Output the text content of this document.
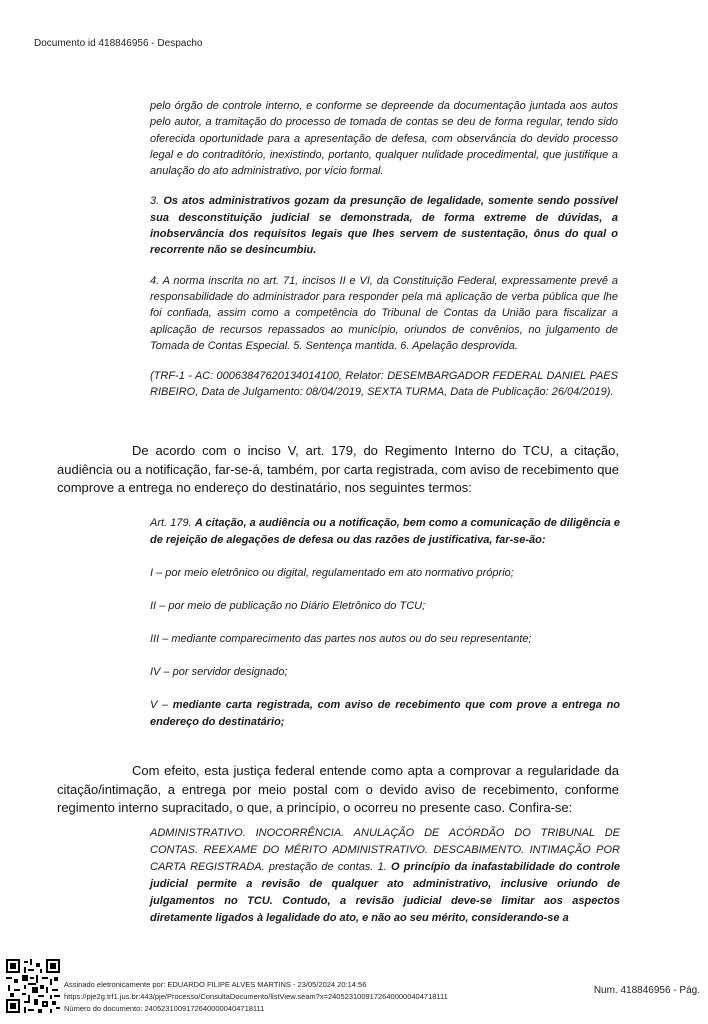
Documento id 418846956 - Despacho

pelo órgão de controle interno, e conforme se depreende da documentação juntada aos autos pelo autor, a tramitação do processo de tomada de contas se deu de forma regular, tendo sido oferecida oportunidade para a apresentação de defesa, com observância do devido processo legal e do contraditório, inexistindo, portanto, qualquer nulidade procedimental, que justifique a anulação do ato administrativo, por vício formal.

3. Os atos administrativos gozam da presunção de legalidade, somente sendo possível sua desconstituição judicial se demonstrada, de forma extreme de dúvidas, a inobservância dos requisitos legais que lhes servem de sustentação, ônus do qual o recorrente não se desincumbiu.

4. A norma inscrita no art. 71, incisos II e VI, da Constituição Federal, expressamente prevê a responsabilidade do administrador para responder pela má aplicação de verba pública que lhe foi confiada, assim como a competência do Tribunal de Contas da União para fiscalizar a aplicação de recursos repassados ao município, oriundos de convênios, no julgamento de Tomada de Contas Especial. 5. Sentença mantida. 6. Apelação desprovida.

(TRF-1 - AC: 00063847620134014100, Relator: DESEMBARGADOR FEDERAL DANIEL PAES RIBEIRO, Data de Julgamento: 08/04/2019, SEXTA TURMA, Data de Publicação: 26/04/2019).

De acordo com o inciso V, art. 179, do Regimento Interno do TCU, a citação, audiência ou a notificação, far-se-á, também, por carta registrada, com aviso de recebimento que comprove a entrega no endereço do destinatário, nos seguintes termos:

Art. 179. A citação, a audiência ou a notificação, bem como a comunicação de diligência e de rejeição de alegações de defesa ou das razões de justificativa, far-se-ão:

I – por meio eletrônico ou digital, regulamentado em ato normativo próprio;

II – por meio de publicação no Diário Eletrônico do TCU;

III – mediante comparecimento das partes nos autos ou do seu representante;

IV – por servidor designado;

V – mediante carta registrada, com aviso de recebimento que com prove a entrega no endereço do destinatário;

Com efeito, esta justiça federal entende como apta a comprovar a regularidade da citação/intimação, a entrega por meio postal com o devido aviso de recebimento, conforme regimento interno supracitado, o que, a princípio, o ocorreu no presente caso. Confira-se:

ADMINISTRATIVO. INOCORRÊNCIA. ANULAÇÃO DE ACÓRDÃO DO TRIBUNAL DE CONTAS. REEXAME DO MÉRITO ADMINISTRATIVO. DESCABIMENTO. INTIMAÇÃO POR CARTA REGISTRADA. prestação de contas. 1. O princípio da inafastabilidade do controle judicial permite a revisão de qualquer ato administrativo, inclusive oriundo de julgamentos no TCU. Contudo, a revisão judicial deve-se limitar aos aspectos diretamente ligados à legalidade do ato, e não ao seu mérito, considerando-se a

Assinado eletronicamente por: EDUARDO FILIPE ALVES MARTINS - 23/05/2024 20:14:56
https://pje2g.trf1.jus.br:443/pje/Processo/ConsultaDocumento/listView.seam?x=24052310091726400000404718111
Número do documento: 24052310091726400000404718111
Num. 418846956 - Pág.
